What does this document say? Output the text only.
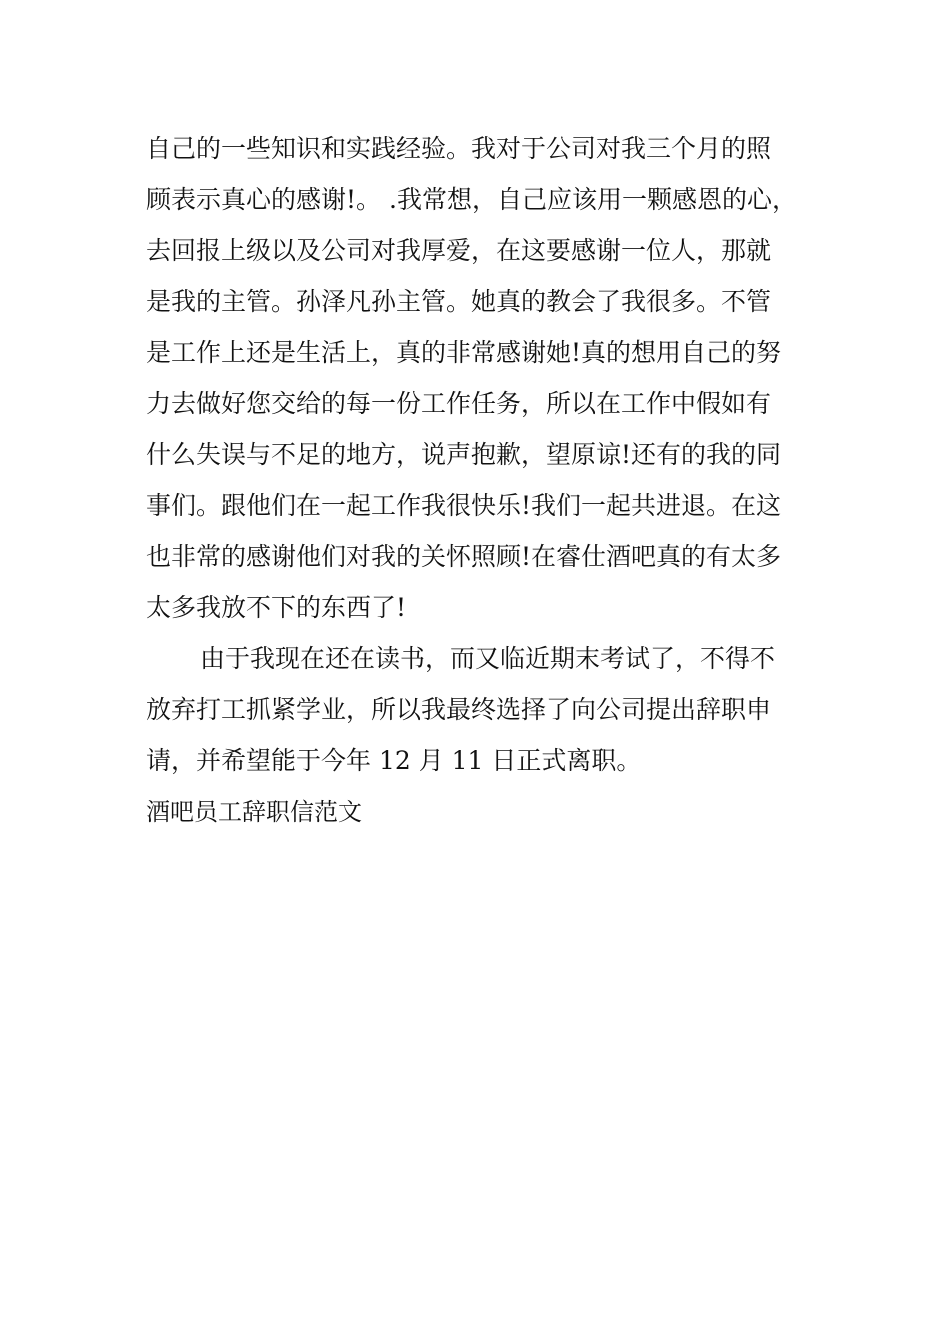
自己的一些知识和实践经验。我对于公司对我三个月的照
顾表示真心的感谢!。 .我常想，自己应该用一颗感恩的心，
去回报上级以及公司对我厚爱，在这要感谢一位人，那就
是我的主管。孙泽凡孙主管。她真的教会了我很多。不管
是工作上还是生活上，真的非常感谢她!真的想用自己的努
力去做好您交给的每一份工作任务，所以在工作中假如有
什么失误与不足的地方，说声抱歉，望原谅!还有的我的同
事们。跟他们在一起工作我很快乐!我们一起共进退。在这
也非常的感谢他们对我的关怀照顾!在睿仕酒吧真的有太多
太多我放不下的东西了!
由于我现在还在读书，而又临近期末考试了，不得不
放弃打工抓紧学业，所以我最终选择了向公司提出辞职申
请，并希望能于今年 12 月 11 日正式离职。
酒吧员工辞职信范文
